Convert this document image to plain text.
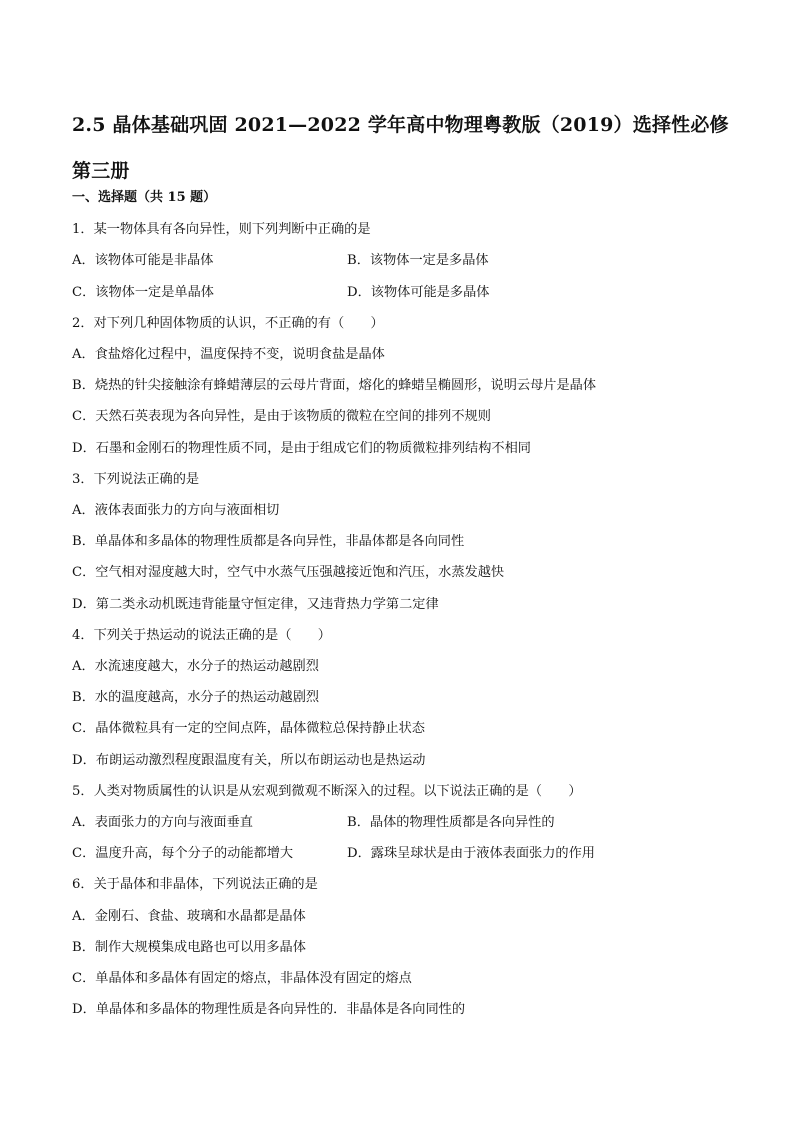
2.5 晶体基础巩固 2021—2022 学年高中物理粤教版（2019）选择性必修第三册
一、选择题（共 15 题）
1．某一物体具有各向异性，则下列判断中正确的是
A．该物体可能是非晶体	B．该物体一定是多晶体
C．该物体一定是单晶体	D．该物体可能是多晶体
2．对下列几种固体物质的认识，不正确的有（　　）
A．食盐熔化过程中，温度保持不变，说明食盐是晶体
B．烧热的针尖接触涂有蜂蜡薄层的云母片背面，熔化的蜂蜡呈椭圆形，说明云母片是晶体
C．天然石英表现为各向异性，是由于该物质的微粒在空间的排列不规则
D．石墨和金刚石的物理性质不同，是由于组成它们的物质微粒排列结构不相同
3．下列说法正确的是
A．液体表面张力的方向与液面相切
B．单晶体和多晶体的物理性质都是各向异性，非晶体都是各向同性
C．空气相对湿度越大时，空气中水蒸气压强越接近饱和汽压，水蒸发越快
D．第二类永动机既违背能量守恒定律，又违背热力学第二定律
4．下列关于热运动的说法正确的是（　　）
A．水流速度越大，水分子的热运动越剧烈
B．水的温度越高，水分子的热运动越剧烈
C．晶体微粒具有一定的空间点阵，晶体微粒总保持静止状态
D．布朗运动激烈程度跟温度有关，所以布朗运动也是热运动
5．人类对物质属性的认识是从宏观到微观不断深入的过程。以下说法正确的是（　　）
A．表面张力的方向与液面垂直	B．晶体的物理性质都是各向异性的
C．温度升高，每个分子的动能都增大	D．露珠呈球状是由于液体表面张力的作用
6．关于晶体和非晶体，下列说法正确的是
A．金刚石、食盐、玻璃和水晶都是晶体
B．制作大规模集成电路也可以用多晶体
C．单晶体和多晶体有固定的熔点，非晶体没有固定的熔点
D．单晶体和多晶体的物理性质是各向异性的．非晶体是各向同性的
